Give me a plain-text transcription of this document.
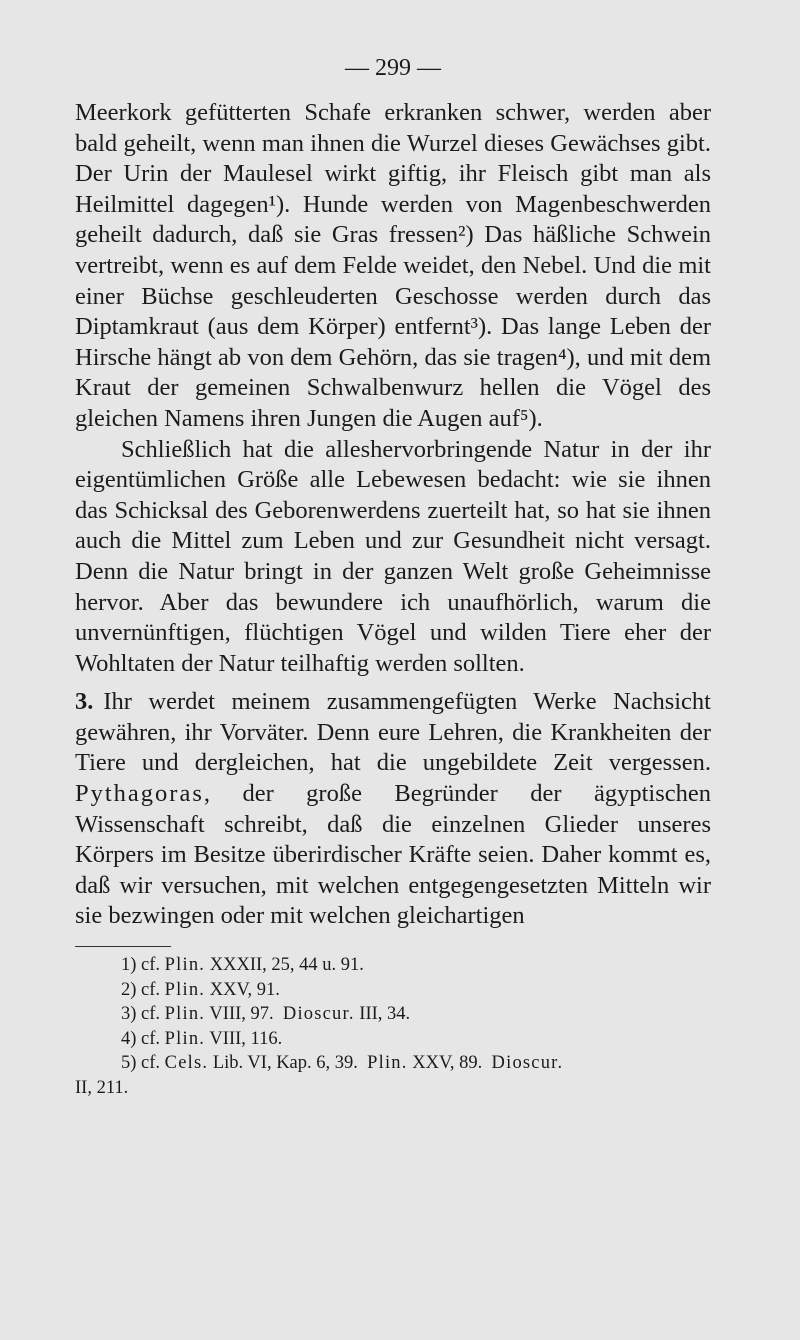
— 299 —

Meerkork gefütterten Schafe erkranken schwer, werden aber bald geheilt, wenn man ihnen die Wurzel dieses Gewächses gibt. Der Urin der Maulesel wirkt giftig, ihr Fleisch gibt man als Heilmittel dagegen¹). Hunde werden von Magenbeschwerden geheilt dadurch, daß sie Gras fressen²) Das häßliche Schwein vertreibt, wenn es auf dem Felde weidet, den Nebel. Und die mit einer Büchse geschleuderten Geschosse werden durch das Diptamkraut (aus dem Körper) entfernt³). Das lange Leben der Hirsche hängt ab von dem Gehörn, das sie tragen⁴), und mit dem Kraut der gemeinen Schwalbenwurz hellen die Vögel des gleichen Namens ihren Jungen die Augen auf⁵).

Schließlich hat die alleshervorbringende Natur in der ihr eigentümlichen Größe alle Lebewesen bedacht: wie sie ihnen das Schicksal des Geborenwerdens zuerteilt hat, so hat sie ihnen auch die Mittel zum Leben und zur Gesundheit nicht versagt. Denn die Natur bringt in der ganzen Welt große Geheimnisse hervor. Aber das bewundere ich unaufhörlich, warum die unvernünftigen, flüchtigen Vögel und wilden Tiere eher der Wohltaten der Natur teilhaftig werden sollten.

3. Ihr werdet meinem zusammengefügten Werke Nachsicht gewähren, ihr Vorväter. Denn eure Lehren, die Krankheiten der Tiere und dergleichen, hat die ungebildete Zeit vergessen. Pythagoras, der große Begründer der ägyptischen Wissenschaft schreibt, daß die einzelnen Glieder unseres Körpers im Besitze überirdischer Kräfte seien. Daher kommt es, daß wir versuchen, mit welchen entgegengesetzten Mitteln wir sie bezwingen oder mit welchen gleichartigen

1) cf. Plin. XXXII, 25, 44 u. 91.
2) cf. Plin. XXV, 91.
3) cf. Plin. VIII, 97. Dioscur. III, 34.
4) cf. Plin. VIII, 116.
5) cf. Cels. Lib. VI, Kap. 6, 39. Plin. XXV, 89. Dioscur.
II, 211.
